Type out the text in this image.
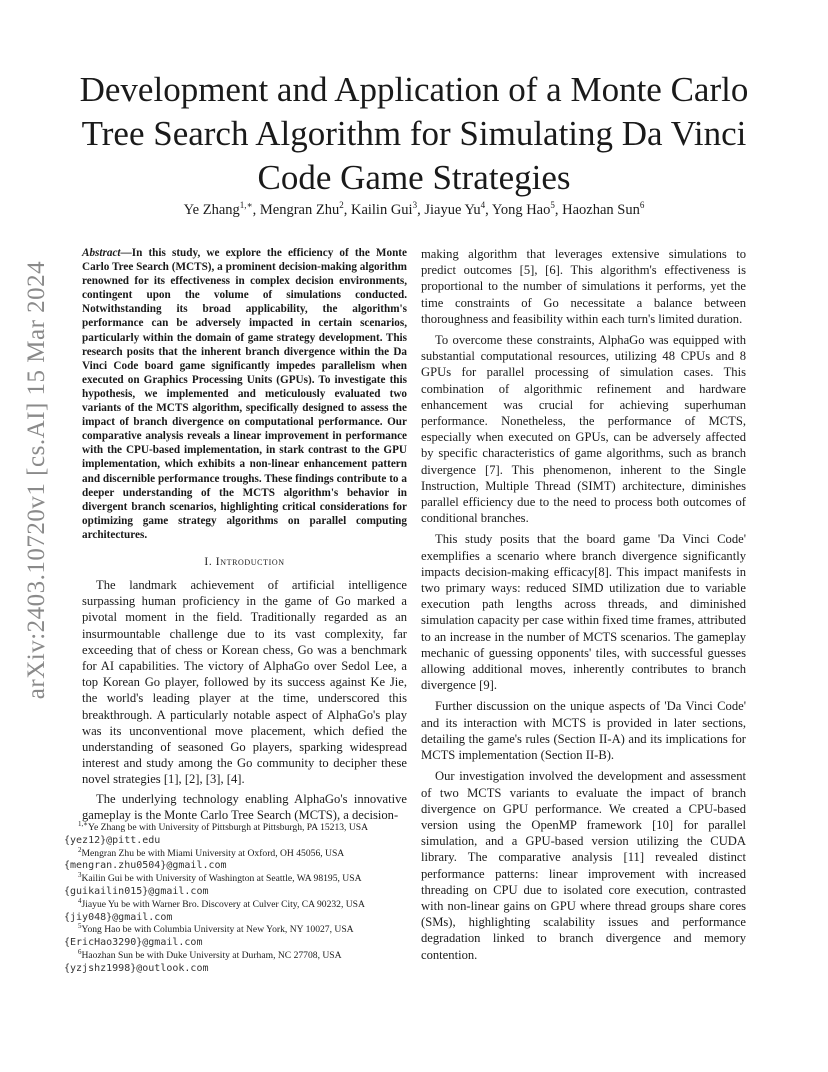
Development and Application of a Monte Carlo
Tree Search Algorithm for Simulating Da Vinci
Code Game Strategies
Ye Zhang$^{1,∗}$, Mengran Zhu$^2$, Kailin Gui$^3$, Jiayue Yu$^4$, Yong Hao$^5$, Haozhan Sun$^6$
arXiv:2403.10720v1 [cs.AI] 15 Mar 2024

Abstract—In this study, we explore the efficiency of the Monte Carlo Tree Search (MCTS), a prominent decision-making algorithm renowned for its effectiveness in complex decision environments, contingent upon the volume of simulations conducted. Notwithstanding its broad applicability, the algorithm's performance can be adversely impacted in certain scenarios, particularly within the domain of game strategy development. This research posits that the inherent branch divergence within the Da Vinci Code board game significantly impedes parallelism when executed on Graphics Processing Units (GPUs). To investigate this hypothesis, we implemented and meticulously evaluated two variants of the MCTS algorithm, specifically designed to assess the impact of branch divergence on computational performance. Our comparative analysis reveals a linear improvement in performance with the CPU-based implementation, in stark contrast to the GPU implementation, which exhibits a non-linear enhancement pattern and discernible performance troughs. These findings contribute to a deeper understanding of the MCTS algorithm's behavior in divergent branch scenarios, highlighting critical considerations for optimizing game strategy algorithms on parallel computing architectures.

I. Introduction

The landmark achievement of artificial intelligence surpassing human proficiency in the game of Go marked a pivotal moment in the field. Traditionally regarded as an insurmountable challenge due to its vast complexity, far exceeding that of chess or Korean chess, Go was a benchmark for AI capabilities. The victory of AlphaGo over Sedol Lee, a top Korean Go player, followed by its success against Ke Jie, the world's leading player at the time, underscored this breakthrough. A particularly notable aspect of AlphaGo's play was its unconventional move placement, which defied the understanding of seasoned Go players, sparking widespread interest and study among the Go community to decipher these novel strategies [1], [2], [3], [4].

The underlying technology enabling AlphaGo's innovative gameplay is the Monte Carlo Tree Search (MCTS), a decision-

$^{1,∗}$Ye Zhang be with University of Pittsburgh at Pittsburgh, PA 15213, USA
{yez12}@pitt.edu

$^2$Mengran Zhu be with Miami University at Oxford, OH 45056, USA
{mengran.zhu0504}@gmail.com

$^3$Kailin Gui be with University of Washington at Seattle, WA 98195, USA
{guikailin015}@gmail.com

$^4$Jiayue Yu be with Warner Bro. Discovery at Culver City, CA 90232, USA
{jiy048}@gmail.com

$^5$Yong Hao be with Columbia University at New York, NY 10027, USA
{EricHao3290}@gmail.com

$^6$Haozhan Sun be with Duke University at Durham, NC 27708, USA
{yzjshz1998}@outlook.com

making algorithm that leverages extensive simulations to predict outcomes [5], [6]. This algorithm's effectiveness is proportional to the number of simulations it performs, yet the time constraints of Go necessitate a balance between thoroughness and feasibility within each turn's limited duration.

To overcome these constraints, AlphaGo was equipped with substantial computational resources, utilizing 48 CPUs and 8 GPUs for parallel processing of simulation cases. This combination of algorithmic refinement and hardware enhancement was crucial for achieving superhuman performance. Nonetheless, the performance of MCTS, especially when executed on GPUs, can be adversely affected by specific characteristics of game algorithms, such as branch divergence [7]. This phenomenon, inherent to the Single Instruction, Multiple Thread (SIMT) architecture, diminishes parallel efficiency due to the need to process both outcomes of conditional branches.

This study posits that the board game 'Da Vinci Code' exemplifies a scenario where branch divergence significantly impacts decision-making efficacy[8]. This impact manifests in two primary ways: reduced SIMD utilization due to variable execution path lengths across threads, and diminished simulation capacity per case within fixed time frames, attributed to an increase in the number of MCTS scenarios. The gameplay mechanic of guessing opponents' tiles, with successful guesses allowing additional moves, inherently contributes to branch divergence [9].

Further discussion on the unique aspects of 'Da Vinci Code' and its interaction with MCTS is provided in later sections, detailing the game's rules (Section II-A) and its implications for MCTS implementation (Section II-B).

Our investigation involved the development and assessment of two MCTS variants to evaluate the impact of branch divergence on GPU performance. We created a CPU-based version using the OpenMP framework [10] for parallel simulation, and a GPU-based version utilizing the CUDA library. The comparative analysis [11] revealed distinct performance patterns: linear improvement with increased threading on CPU due to isolated core execution, contrasted with non-linear gains on GPU where thread groups share cores (SMs), highlighting scalability issues and performance degradation linked to branch divergence and memory contention.
